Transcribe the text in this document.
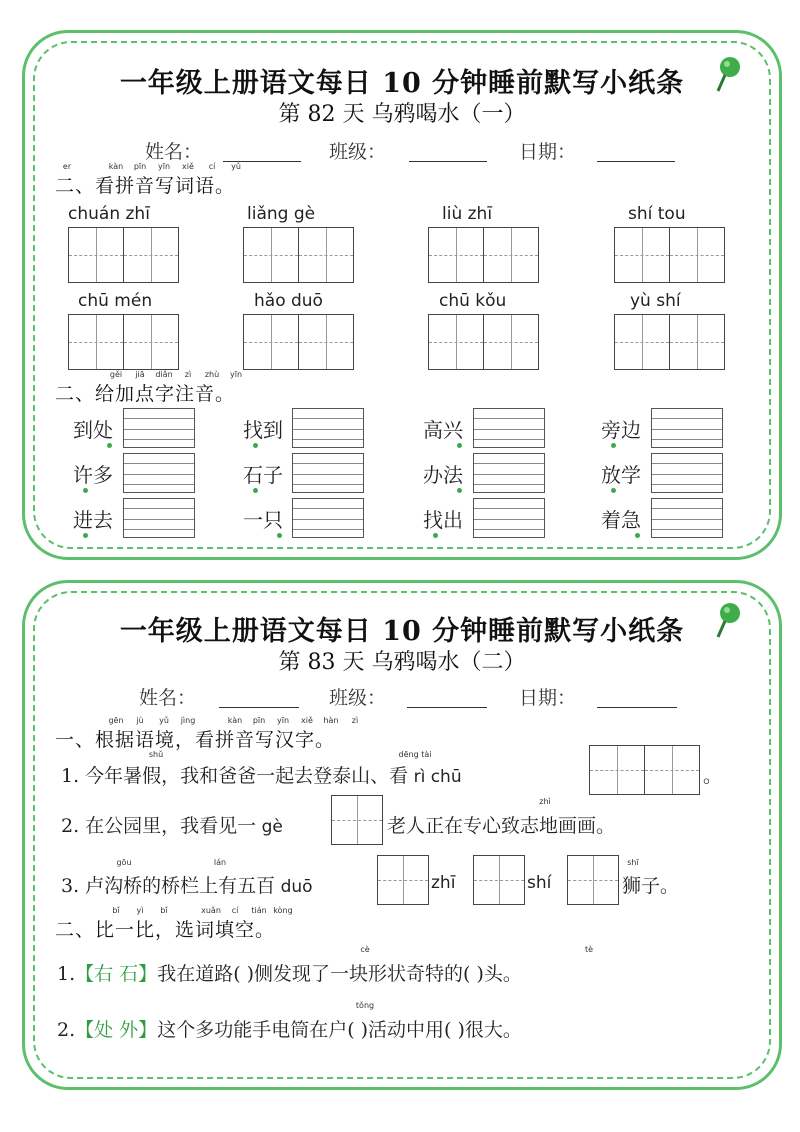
一年级上册语文每日 10 分钟睡前默写小纸条
第 82 天 乌鸦喝水（一）
姓名：	班级：	日期：
er	kàn	pīn	yīn	xiě	cí	yǔ
二、看拼音写词语。
chuán zhī	liǎng gè	liù zhī	shí tou
chū mén	hǎo duō	chū kǒu	yù shí
gěi	jiā	diǎn	zì	zhù	yīn
二、给加点字注音。
到处	找到	高兴	旁边
许多	石子	办法	放学
进去	一只	找出	着急
一年级上册语文每日 10 分钟睡前默写小纸条
第 83 天 乌鸦喝水（二）
姓名：	班级：	日期：
gēn	jù	yǔ	jìng	kàn	pīn	yīn	xiě	hàn	zì
一、根据语境，看拼音写汉字。
shǔ	dēng tài
1. 今年暑假，我和爸爸一起去登泰山、看 rì chū	。
zhì
2. 在公园里，我看见一 gè	老人正在专心致志地画画。
gōu	lán	shī
3. 卢沟桥的桥栏上有五百 duō	zhī	shí	狮子。
bǐ	yì	bǐ	xuǎn	cí	tián kòng
二、比一比，选词填空。
cè	tè
1.【右 石】我在道路( )侧发现了一块形状奇特的( )头。
tǒng
2.【处 外】这个多功能手电筒在户( )活动中用( )很大。
